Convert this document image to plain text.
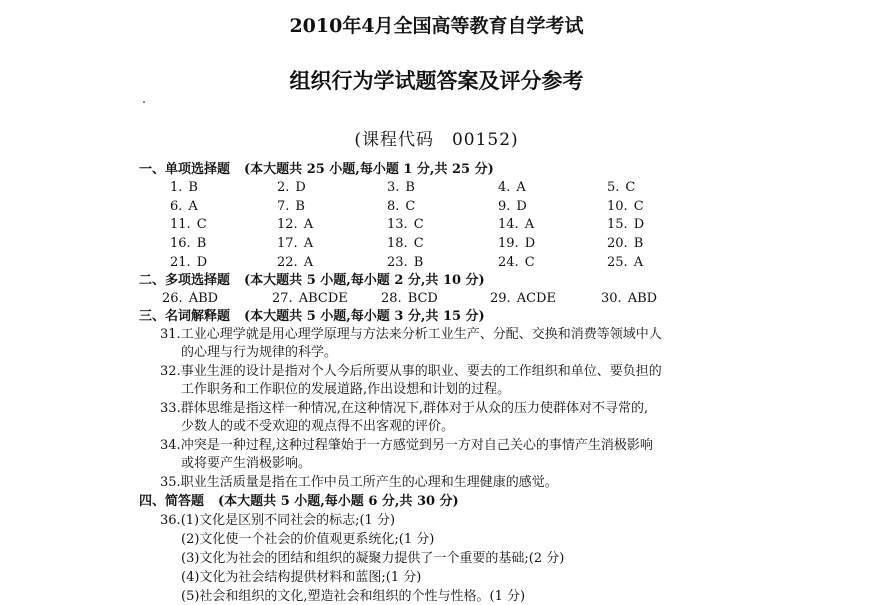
2010年4月全国高等教育自学考试
组织行为学试题答案及评分参考
(课程代码　00152)
一、单项选择题 (本大题共 25 小题,每小题 1 分,共 25 分)
1. B	2. D	3. B	4. A	5. C
6. A	7. B	8. C	9. D	10. C
11. C	12. A	13. C	14. A	15. D
16. B	17. A	18. C	19. D	20. B
21. D	22. A	23. B	24. C	25. A
二、多项选择题 (本大题共 5 小题,每小题 2 分,共 10 分)
26. ABD	27. ABCDE	28. BCD	29. ACDE	30. ABD
三、名词解释题 (本大题共 5 小题,每小题 3 分,共 15 分)
31.工业心理学就是用心理学原理与方法来分析工业生产、分配、交换和消费等领域中人
的心理与行为规律的科学。
32.事业生涯的设计是指对个人今后所要从事的职业、要去的工作组织和单位、要负担的
工作职务和工作职位的发展道路,作出设想和计划的过程。
33.群体思维是指这样一种情况,在这种情况下,群体对于从众的压力使群体对不寻常的,
少数人的或不受欢迎的观点得不出客观的评价。
34.冲突是一种过程,这种过程肇始于一方感觉到另一方对自己关心的事情产生消极影响
或将要产生消极影响。
35.职业生活质量是指在工作中员工所产生的心理和生理健康的感觉。
四、简答题 (本大题共 5 小题,每小题 6 分,共 30 分)
36.(1)文化是区别不同社会的标志;(1 分)
(2)文化使一个社会的价值观更系统化;(1 分)
(3)文化为社会的团结和组织的凝聚力提供了一个重要的基础;(2 分)
(4)文化为社会结构提供材料和蓝图;(1 分)
(5)社会和组织的文化,塑造社会和组织的个性与性格。(1 分)
